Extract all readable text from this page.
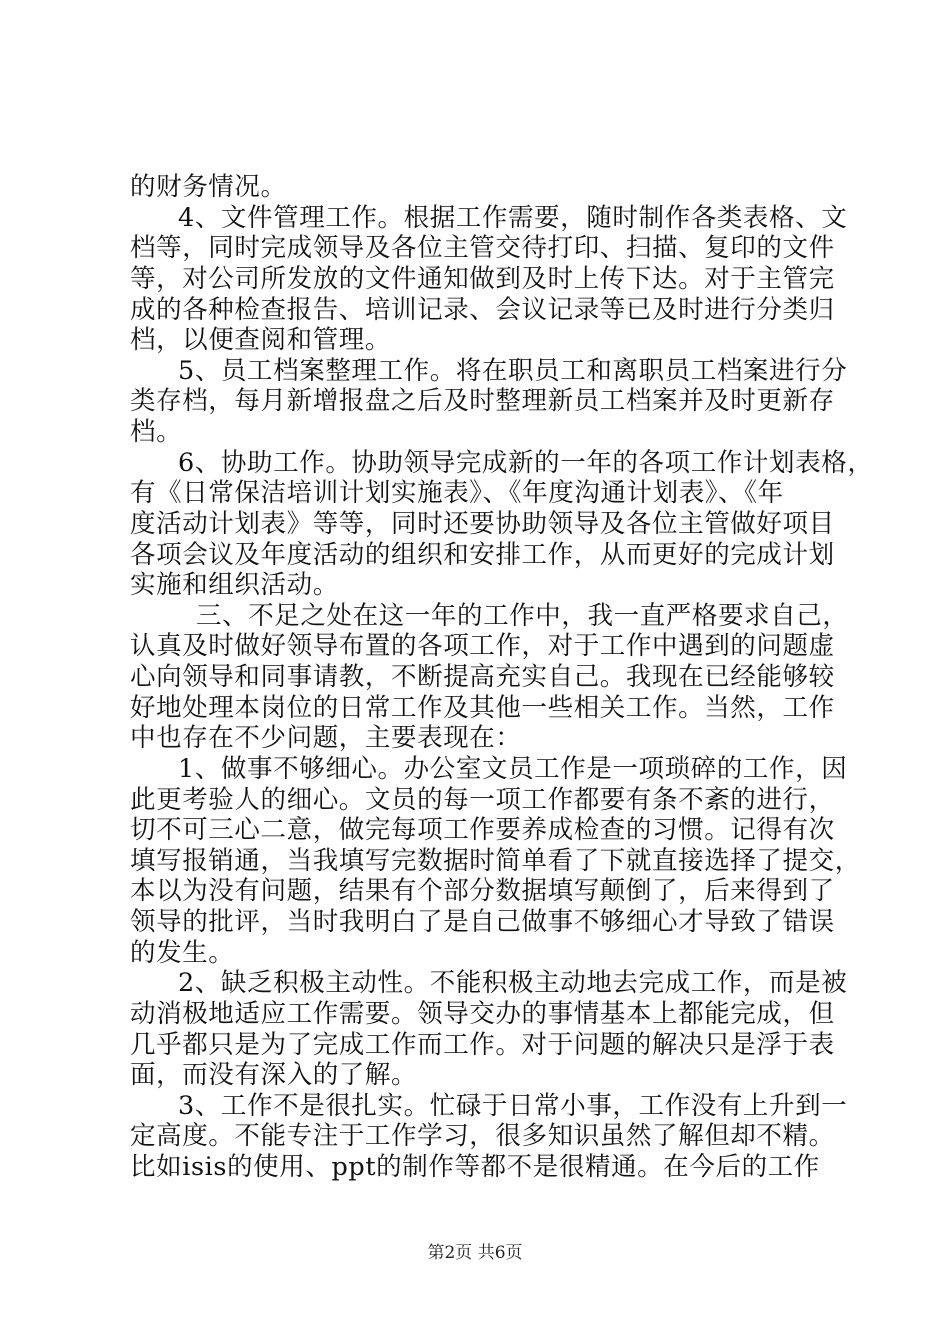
的财务情况。
4、文件管理工作。根据工作需要，随时制作各类表格、文
档等，同时完成领导及各位主管交待打印、扫描、复印的文件
等，对公司所发放的文件通知做到及时上传下达。对于主管完
成的各种检查报告、培训记录、会议记录等已及时进行分类归
档，以便查阅和管理。
5、员工档案整理工作。将在职员工和离职员工档案进行分
类存档，每月新增报盘之后及时整理新员工档案并及时更新存
档。
6、协助工作。协助领导完成新的一年的各项工作计划表格，
有《日常保洁培训计划实施表》、《年度沟通计划表》、《年
度活动计划表》等等，同时还要协助领导及各位主管做好项目
各项会议及年度活动的组织和安排工作，从而更好的完成计划
实施和组织活动。
三、不足之处在这一年的工作中，我一直严格要求自己，
认真及时做好领导布置的各项工作，对于工作中遇到的问题虚
心向领导和同事请教，不断提高充实自己。我现在已经能够较
好地处理本岗位的日常工作及其他一些相关工作。当然，工作
中也存在不少问题，主要表现在：
1、做事不够细心。办公室文员工作是一项琐碎的工作，因
此更考验人的细心。文员的每一项工作都要有条不紊的进行，
切不可三心二意，做完每项工作要养成检查的习惯。记得有次
填写报销通，当我填写完数据时简单看了下就直接选择了提交，
本以为没有问题，结果有个部分数据填写颠倒了，后来得到了
领导的批评，当时我明白了是自己做事不够细心才导致了错误
的发生。
2、缺乏积极主动性。不能积极主动地去完成工作，而是被
动消极地适应工作需要。领导交办的事情基本上都能完成，但
几乎都只是为了完成工作而工作。对于问题的解决只是浮于表
面，而没有深入的了解。
3、工作不是很扎实。忙碌于日常小事，工作没有上升到一
定高度。不能专注于工作学习，很多知识虽然了解但却不精。
比如isis的使用、ppt的制作等都不是很精通。在今后的工作
第2页 共6页
